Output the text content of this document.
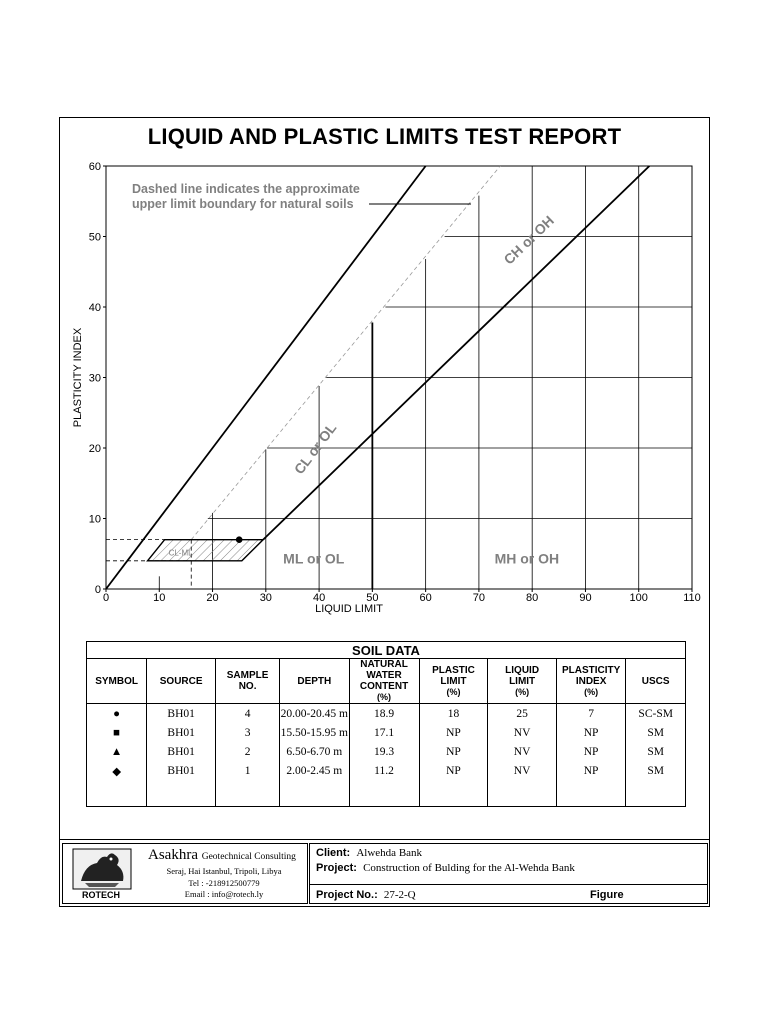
LIQUID AND PLASTIC LIMITS TEST REPORT
0	10	20	30	40	50	60	70	80	90	100	110
0
10
20
30
40
50
60
LIQUID LIMIT
PLASTICITY INDEX
Dashed line indicates the approximate
upper limit boundary for natural soils
CL-ML	ML or OL	MH or OH
CL or OL
CH or OH
SOIL DATA								
SYMBOL	SOURCE	SAMPLE
NO.	DEPTH	NATURAL
WATER
CONTENT
(%)	PLASTIC
LIMIT
(%)	LIQUID
LIMIT
(%)	PLASTICITY
INDEX
(%)	USCS
●	BH01	4	20.00-20.45 m	18.9	18	25	7	SC-SM
■	BH01	3	15.50-15.95 m	17.1	NP	NV	NP	SM
▲	BH01	2	6.50-6.70 m	19.3	NP	NV	NP	SM
◆	BH01	1	2.00-2.45 m	11.2	NP	NV	NP	SM

ROTECH
Asakhra Geotechnical Consulting
Seraj, Hai Istanbul, Tripoli, Libya
Tel : -218912500779
Email : info@rotech.ly
Client: Alwehda Bank
Project: Construction of Bulding for the Al-Wehda Bank
Project No.: 27-2-Q	Figure
